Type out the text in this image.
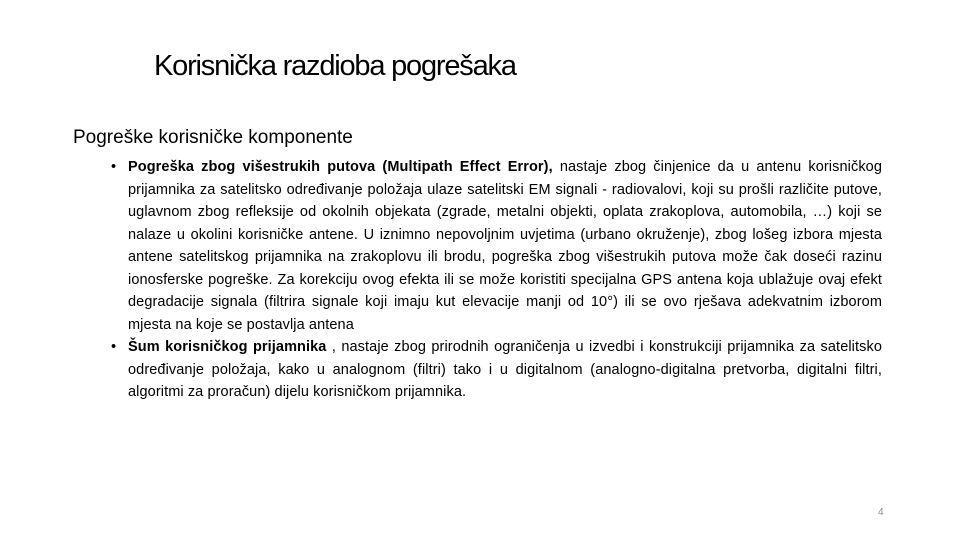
Korisnička razdioba pogrešaka
Pogreške korisničke komponente
• Pogreška zbog višestrukih putova (Multipath Effect Error), nastaje zbog činjenice da u antenu korisničkog prijamnika za satelitsko određivanje položaja ulaze satelitski EM signali - radiovalovi, koji su prošli različite putove, uglavnom zbog refleksije od okolnih objekata (zgrade, metalni objekti, oplata zrakoplova, automobila, …) koji se nalaze u okolini korisničke antene. U iznimno nepovoljnim uvjetima (urbano okruženje), zbog lošeg izbora mjesta antene satelitskog prijamnika na zrakoplovu ili brodu, pogreška zbog višestrukih putova može čak doseći razinu ionosferske pogreške. Za korekciju ovog efekta ili se može koristiti specijalna GPS antena koja ublažuje ovaj efekt degradacije signala (filtrira signale koji imaju kut elevacije manji od 10°) ili se ovo rješava adekvatnim izborom mjesta na koje se postavlja antena
• Šum korisničkog prijamnika , nastaje zbog prirodnih ograničenja u izvedbi i konstrukciji prijamnika za satelitsko određivanje položaja, kako u analognom (filtri) tako i u digitalnom (analogno-digitalna pretvorba, digitalni filtri, algoritmi za proračun) dijelu korisničkom prijamnika.
4
